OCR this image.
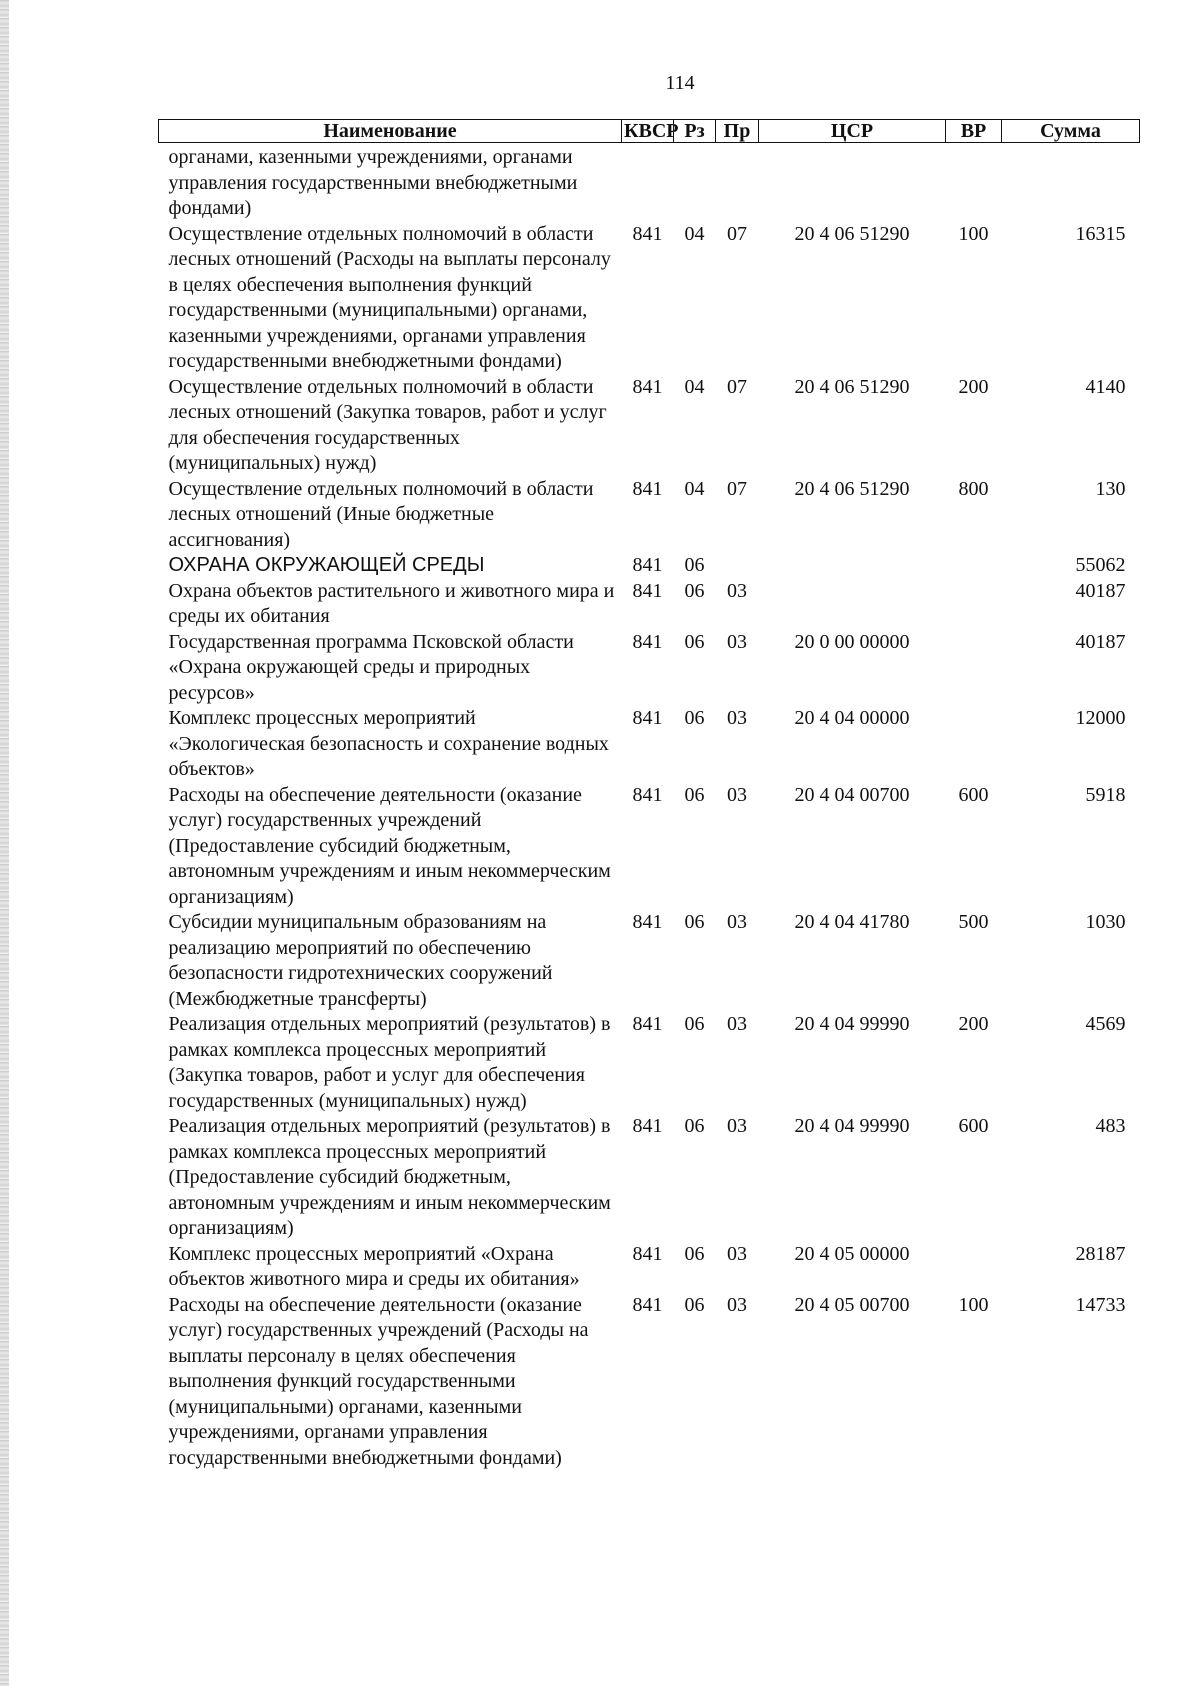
114
Наименование	КВСР	Рз	Пр	ЦСР	ВР	Сумма
органами, казенными учреждениями, органами управления государственными внебюджетными фондами)						
Осуществление отдельных полномочий в области лесных отношений (Расходы на выплаты персоналу в целях обеспечения выполнения функций государственными (муниципальными) органами, казенными учреждениями, органами управления государственными внебюджетными фондами)	841	04	07	20 4 06 51290	100	16315
Осуществление отдельных полномочий в области лесных отношений (Закупка товаров, работ и услуг для обеспечения государственных (муниципальных) нужд)	841	04	07	20 4 06 51290	200	4140
Осуществление отдельных полномочий в области лесных отношений (Иные бюджетные ассигнования)	841	04	07	20 4 06 51290	800	130
ОХРАНА ОКРУЖАЮЩЕЙ СРЕДЫ	841	06				55062
Охрана объектов растительного и животного мира и среды их обитания	841	06	03			40187
Государственная программа Псковской области «Охрана окружающей среды и природных ресурсов»	841	06	03	20 0 00 00000		40187
Комплекс процессных мероприятий «Экологическая безопасность и сохранение водных объектов»	841	06	03	20 4 04 00000		12000
Расходы на обеспечение деятельности (оказание услуг) государственных учреждений (Предоставление субсидий бюджетным, автономным учреждениям и иным некоммерческим организациям)	841	06	03	20 4 04 00700	600	5918
Субсидии муниципальным образованиям на реализацию мероприятий по обеспечению безопасности гидротехнических сооружений (Межбюджетные трансферты)	841	06	03	20 4 04 41780	500	1030
Реализация отдельных мероприятий (результатов) в рамках комплекса процессных мероприятий (Закупка товаров, работ и услуг для обеспечения государственных (муниципальных) нужд)	841	06	03	20 4 04 99990	200	4569
Реализация отдельных мероприятий (результатов) в рамках комплекса процессных мероприятий (Предоставление субсидий бюджетным, автономным учреждениям и иным некоммерческим организациям)	841	06	03	20 4 04 99990	600	483
Комплекс процессных мероприятий «Охрана объектов животного мира и среды их обитания»	841	06	03	20 4 05 00000		28187
Расходы на обеспечение деятельности (оказание услуг) государственных учреждений (Расходы на выплаты персоналу в целях обеспечения выполнения функций государственными (муниципальными) органами, казенными учреждениями, органами управления государственными внебюджетными фондами)	841	06	03	20 4 05 00700	100	14733
